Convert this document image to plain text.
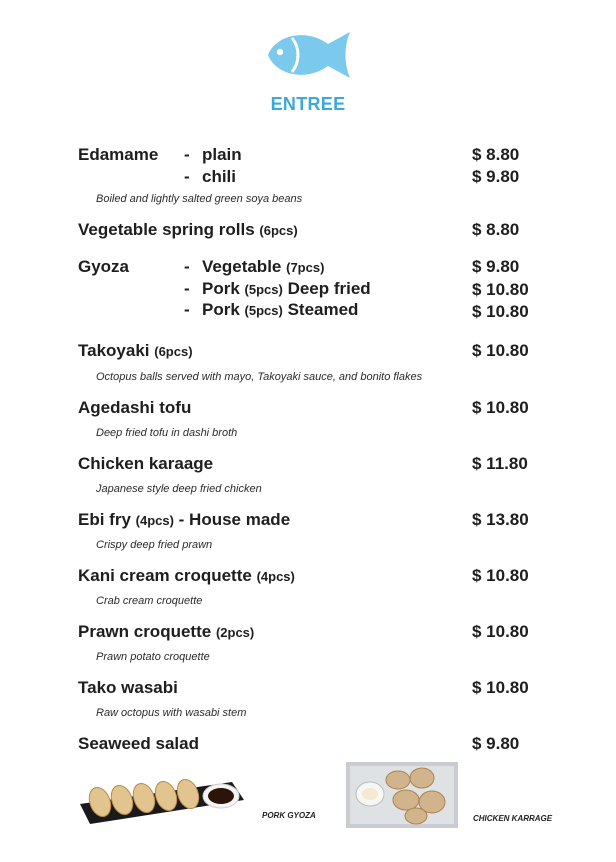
ENTREE
Edamame - plain	$ 8.80
- chili	$ 9.80
Boiled and lightly salted green soya beans
Vegetable spring rolls (6pcs)	$ 8.80
Gyoza	- Vegetable (7pcs)	$ 9.80
- Pork (5pcs) Deep fried	$ 10.80
- Pork (5pcs) Steamed	$ 10.80
Takoyaki (6pcs)	$ 10.80
Octopus balls served with mayo, Takoyaki sauce, and bonito flakes
Agedashi tofu	$ 10.80
Deep fried tofu in dashi broth
Chicken karaage	$ 11.80
Japanese style deep fried chicken
Ebi fry (4pcs) - House made	$ 13.80
Crispy deep fried prawn
Kani cream croquette (4pcs)	$ 10.80
Crab cream croquette
Prawn croquette (2pcs)	$ 10.80
Prawn potato croquette
Tako wasabi	$ 10.80
Raw octopus with wasabi stem
Seaweed salad	$ 9.80
PORK GYOZA	CHICKEN KARRAGE
